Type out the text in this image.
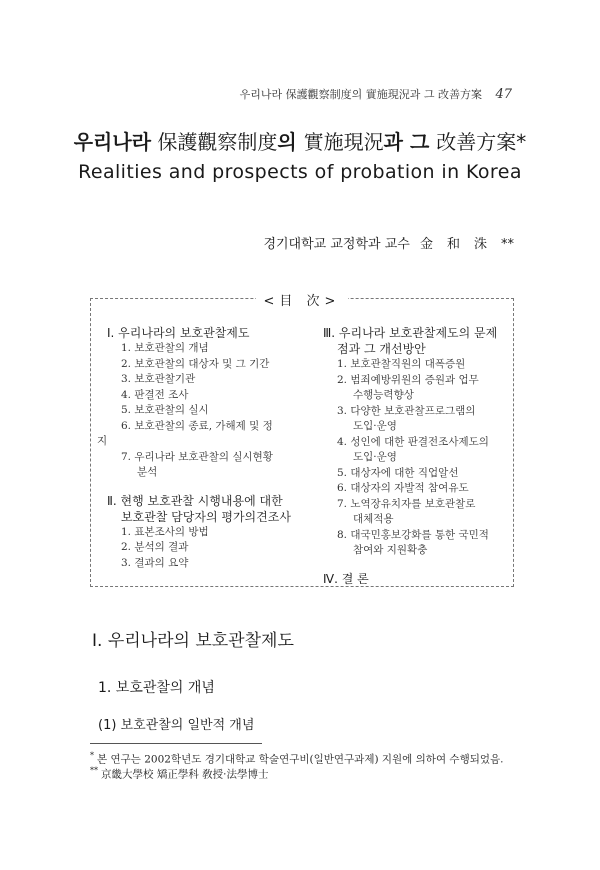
우리나라 保護觀察制度의 實施現況과 그 改善方案 47
우리나라 保護觀察制度의 實施現況과 그 改善方案*
Realities and prospects of probation in Korea
경기대학교 교정학과 교수 金和洙**
<目 次>
Ⅰ. 우리나라의 보호관찰제도
1. 보호관찰의 개념
2. 보호관찰의 대상자 및 그 기간
3. 보호관찰기관
4. 판결전 조사
5. 보호관찰의 실시
6. 보호관찰의 종료, 가해제 및 정
지
7. 우리나라 보호관찰의 실시현황
분석
Ⅱ. 현행 보호관찰 시행내용에 대한
보호관찰 담당자의 평가의견조사
1. 표본조사의 방법
2. 분석의 결과
3. 결과의 요약
Ⅲ. 우리나라 보호관찰제도의 문제
점과 그 개선방안
1. 보호관찰직원의 대폭증원
2. 범죄예방위원의 증원과 업무
수행능력향상
3. 다양한 보호관찰프로그램의
도입·운영
4. 성인에 대한 판결전조사제도의
도입·운영
5. 대상자에 대한 직업알선
6. 대상자의 자발적 참여유도
7. 노역장유치자를 보호관찰로
대체적용
8. 대국민홍보강화를 통한 국민적
참여와 지원확충
Ⅳ. 결 론
Ⅰ. 우리나라의 보호관찰제도
1. 보호관찰의 개념
(1) 보호관찰의 일반적 개념
* 본 연구는 2002학년도 경기대학교 학술연구비(일반연구과제) 지원에 의하여 수행되었음.
** 京畿大學校 矯正學科 敎授·法學博士
